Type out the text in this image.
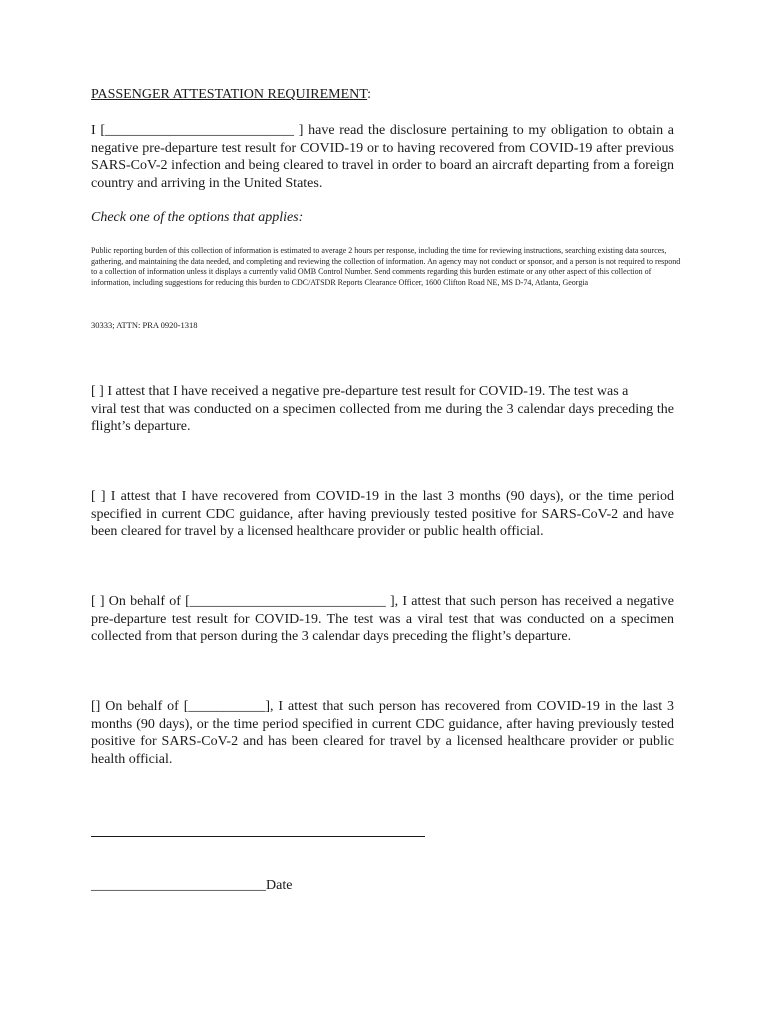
PASSENGER ATTESTATION REQUIREMENT:
I [___________________________ ] have read the disclosure pertaining to my obligation to obtain a negative pre-departure test result for COVID-19 or to having recovered from COVID-19 after previous SARS-CoV-2 infection and being cleared to travel in order to board an aircraft departing from a foreign country and arriving in the United States.
Check one of the options that applies:
Public reporting burden of this collection of information is estimated to average 2 hours per response, including the time for reviewing instructions, searching existing data sources, gathering, and maintaining the data needed, and completing and reviewing the collection of information. An agency may not conduct or sponsor, and a person is not required to respond to a collection of information unless it displays a currently valid OMB Control Number. Send comments regarding this burden estimate or any other aspect of this collection of information, including suggestions for reducing this burden to CDC/ATSDR Reports Clearance Officer, 1600 Clifton Road NE, MS D-74, Atlanta, Georgia
30333; ATTN: PRA 0920-1318
[ ] I attest that I have received a negative pre-departure test result for COVID-19. The test was a
viral test that was conducted on a specimen collected from me during the 3 calendar days preceding the flight’s departure.
[ ] I attest that I have recovered from COVID-19 in the last 3 months (90 days), or the time period specified in current CDC guidance, after having previously tested positive for SARS-CoV-2 and have been cleared for travel by a licensed healthcare provider or public health official.
[ ] On behalf of [____________________________ ], I attest that such person has received a negative pre-departure test result for COVID-19. The test was a viral test that was conducted on a specimen collected from that person during the 3 calendar days preceding the flight’s departure.
[] On behalf of [___________], I attest that such person has recovered from COVID-19 in the last 3 months (90 days), or the time period specified in current CDC guidance, after having previously tested positive for SARS-CoV-2 and has been cleared for travel by a licensed healthcare provider or public health official.
_________________________Date
